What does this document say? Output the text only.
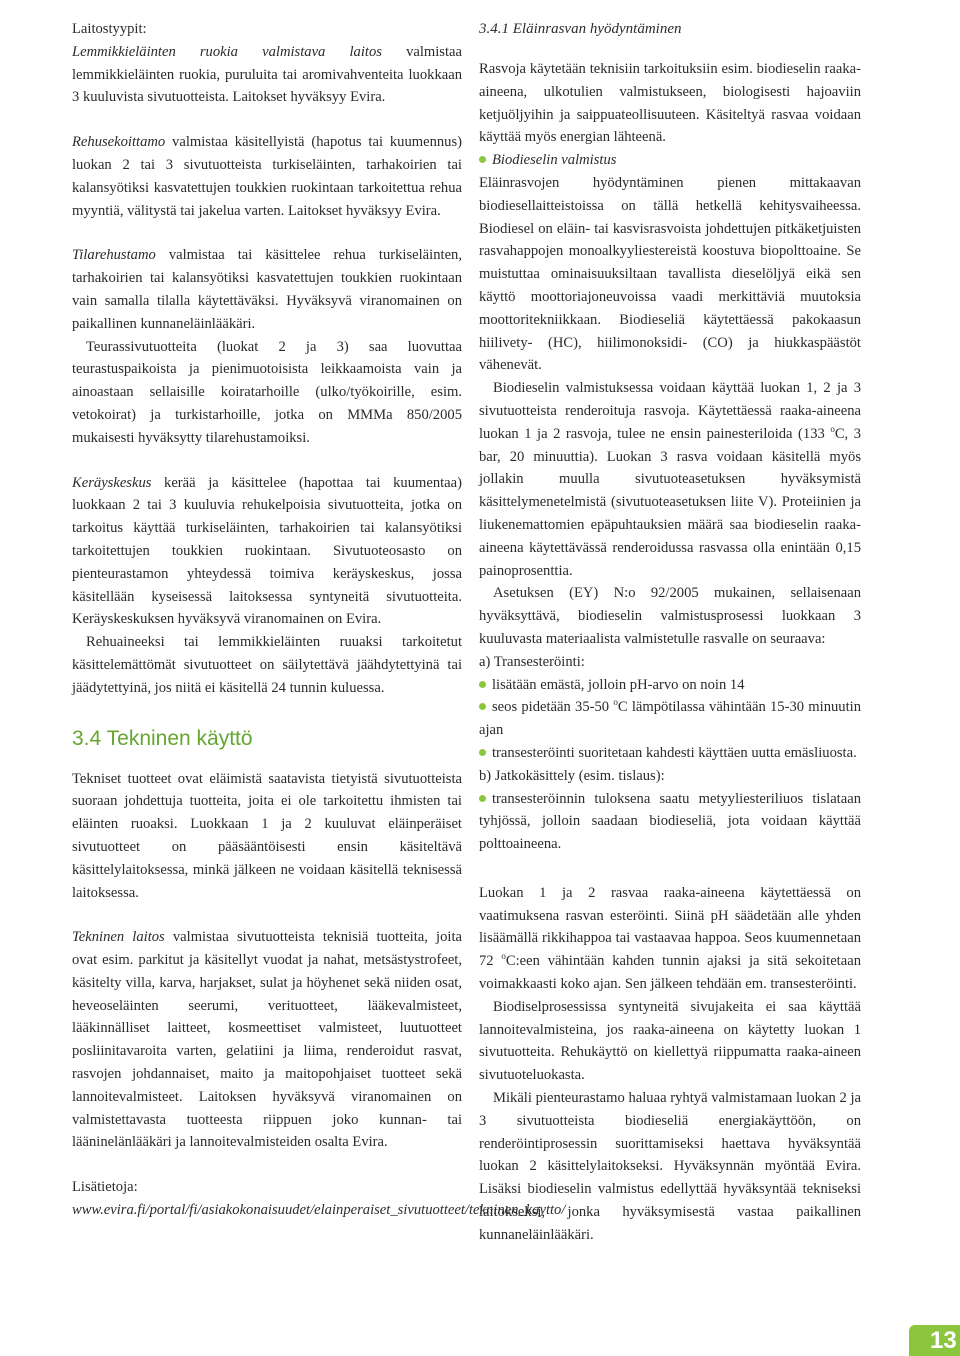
Laitostyypit:

Lemmikkieläinten ruokia valmistava laitos valmistaa lemmikkieläinten ruokia, puruluita tai aromivahventeita luokkaan 3 kuuluvista sivutuotteista. Laitokset hyväksyy Evira.

Rehusekoittamo valmistaa käsitellyistä (hapotus tai kuumennus) luokan 2 tai 3 sivutuotteista turkiseläinten, tarhakoirien tai kalansyötiksi kasvatettujen toukkien ruokintaan tarkoitettua rehua myyntiä, välitystä tai jakelua varten. Laitokset hyväksyy Evira.

Tilarehustamo valmistaa tai käsittelee rehua turkiseläinten, tarhakoirien tai kalansyötiksi kasvatettujen toukkien ruokintaan vain samalla tilalla käytettäväksi. Hyväksyvä viranomainen on paikallinen kunnaneläinlääkäri.

Teurassivutuotteita (luokat 2 ja 3) saa luovuttaa teurastuspaikoista ja pienimuotoisista leikkaamoista vain ja ainoastaan sellaisille koiratarhoille (ulko/työkoirille, esim. vetokoirat) ja turkistarhoille, jotka on MMMa 850/2005 mukaisesti hyväksytty tilarehustamoiksi.

Keräyskeskus kerää ja käsittelee (hapottaa tai kuumentaa) luokkaan 2 tai 3 kuuluvia rehukelpoisia sivutuotteita, jotka on tarkoitus käyttää turkiseläinten, tarhakoirien tai kalansyötiksi tarkoitettujen toukkien ruokintaan. Sivutuoteosasto on pienteurastamon yhteydessä toimiva keräyskeskus, jossa käsitellään kyseisessä laitoksessa syntyneitä sivutuotteita. Keräyskeskuksen hyväksyvä viranomainen on Evira.

Rehuaineeksi tai lemmikkieläinten ruuaksi tarkoitetut käsittelemättömät sivutuotteet on säilytettävä jäähdytettyinä tai jäädytettyinä, jos niitä ei käsitellä 24 tunnin kuluessa.

3.4 Tekninen käyttö

Tekniset tuotteet ovat eläimistä saatavista tietyistä sivutuotteista suoraan johdettuja tuotteita, joita ei ole tarkoitettu ihmisten tai eläinten ruoaksi. Luokkaan 1 ja 2 kuuluvat eläinperäiset sivutuotteet on pääsääntöisesti ensin käsiteltävä käsittelylaitoksessa, minkä jälkeen ne voidaan käsitellä teknisessä laitoksessa.

Tekninen laitos valmistaa sivutuotteista teknisiä tuotteita, joita ovat esim. parkitut ja käsitellyt vuodat ja nahat, metsästystrofeet, käsitelty villa, karva, harjakset, sulat ja höyhenet sekä niiden osat, heveoseläinten seerumi, verituotteet, lääkevalmisteet, lääkinnälliset laitteet, kosmeettiset valmisteet, luutuotteet posliinitavaroita varten, gelatiini ja liima, renderoidut rasvat, rasvojen johdannaiset, maito ja maitopohjaiset tuotteet sekä lannoitevalmisteet. Laitoksen hyväksyvä viranomainen on valmistettavasta tuotteesta riippuen joko kunnan- tai lääninelänlääkäri ja lannoitevalmisteiden osalta Evira.

Lisätietoja: www.evira.fi/portal/fi/asiakokonaisuudet/elainperaiset_sivutuotteet/tekninen_kaytto/

3.4.1 Eläinrasvan hyödyntäminen

Rasvoja käytetään teknisiin tarkoituksiin esim. biodieselin raaka-aineena, ulkotulien valmistukseen, biologisesti hajoaviin ketjuöljyihin ja saippuateollisuuteen. Käsiteltyä rasvaa voidaan käyttää myös energian lähteenä.

Biodieselin valmistus

Eläinrasvojen hyödyntäminen pienen mittakaavan biodiesellaitteistoissa on tällä hetkellä kehitysvaiheessa. Biodiesel on eläin- tai kasvisrasvoista johdettujen pitkäketjuisten rasvahappojen monoalkyyliestereistä koostuva biopolttoaine. Se muistuttaa ominaisuuksiltaan tavallista dieselöljyä eikä sen käyttö moottoriajoneuvoissa vaadi merkittäviä muutoksia moottoritekniikkaan. Biodieseliä käytettäessä pakokaasun hiilivety- (HC), hiilimonoksidi- (CO) ja hiukkaspäästöt vähenevät.

Biodieselin valmistuksessa voidaan käyttää luokan 1, 2 ja 3 sivutuotteista renderoituja rasvoja. Käytettäessä raaka-aineena luokan 1 ja 2 rasvoja, tulee ne ensin painesteriloida (133 $^o$C, 3 bar, 20 minuuttia). Luokan 3 rasva voidaan käsitellä myös jollakin muulla sivutuoteasetuksen hyväksymistä käsittelymenetelmistä (sivutuoteasetuksen liite V). Proteiinien ja liukenemattomien epäpuhtauksien määrä saa biodieselin raaka-aineena käytettävässä renderoidussa rasvassa olla enintään 0,15 painoprosenttia.

Asetuksen (EY) N:o 92/2005 mukainen, sellaisenaan hyväksyttävä, biodieselin valmistusprosessi luokkaan 3 kuuluvasta materiaalista valmistetulle rasvalle on seuraava:

a) Transesteröinti:

lisätään emästä, jolloin pH-arvo on noin 14
seos pidetään 35-50 $^o$C lämpötilassa vähintään 15-30 minuutin ajan
transesteröinti suoritetaan kahdesti käyttäen uutta emäsliuosta.

b) Jatkokäsittely (esim. tislaus):

transesteröinnin tuloksena saatu metyyliesteriliuos tislataan tyhjössä, jolloin saadaan biodieseliä, jota voidaan käyttää polttoaineena.

Luokan 1 ja 2 rasvaa raaka-aineena käytettäessä on vaatimuksena rasvan esteröinti. Siinä pH säädetään alle yhden lisäämällä rikkihappoa tai vastaavaa happoa. Seos kuumennetaan 72 $^o$C:een vähintään kahden tunnin ajaksi ja sitä sekoitetaan voimakkaasti koko ajan. Sen jälkeen tehdään em. transesteröinti.

Biodiselprosessissa syntyneitä sivujakeita ei saa käyttää lannoitevalmisteina, jos raaka-aineena on käytetty luokan 1 sivutuotteita. Rehukäyttö on kiellettyä riippumatta raaka-aineen sivutuoteluokasta.

Mikäli pienteurastamo haluaa ryhtyä valmistamaan luokan 2 ja 3 sivutuotteista biodieseliä energiakäyttöön, on renderöintiprosessin suorittamiseksi haettava hyväksyntää luokan 2 käsittelylaitokseksi. Hyväksynnän myöntää Evira. Lisäksi biodieselin valmistus edellyttää hyväksyntää tekniseksi laitokseksi, jonka hyväksymisestä vastaa paikallinen kunnaneläinlääkäri.

13
